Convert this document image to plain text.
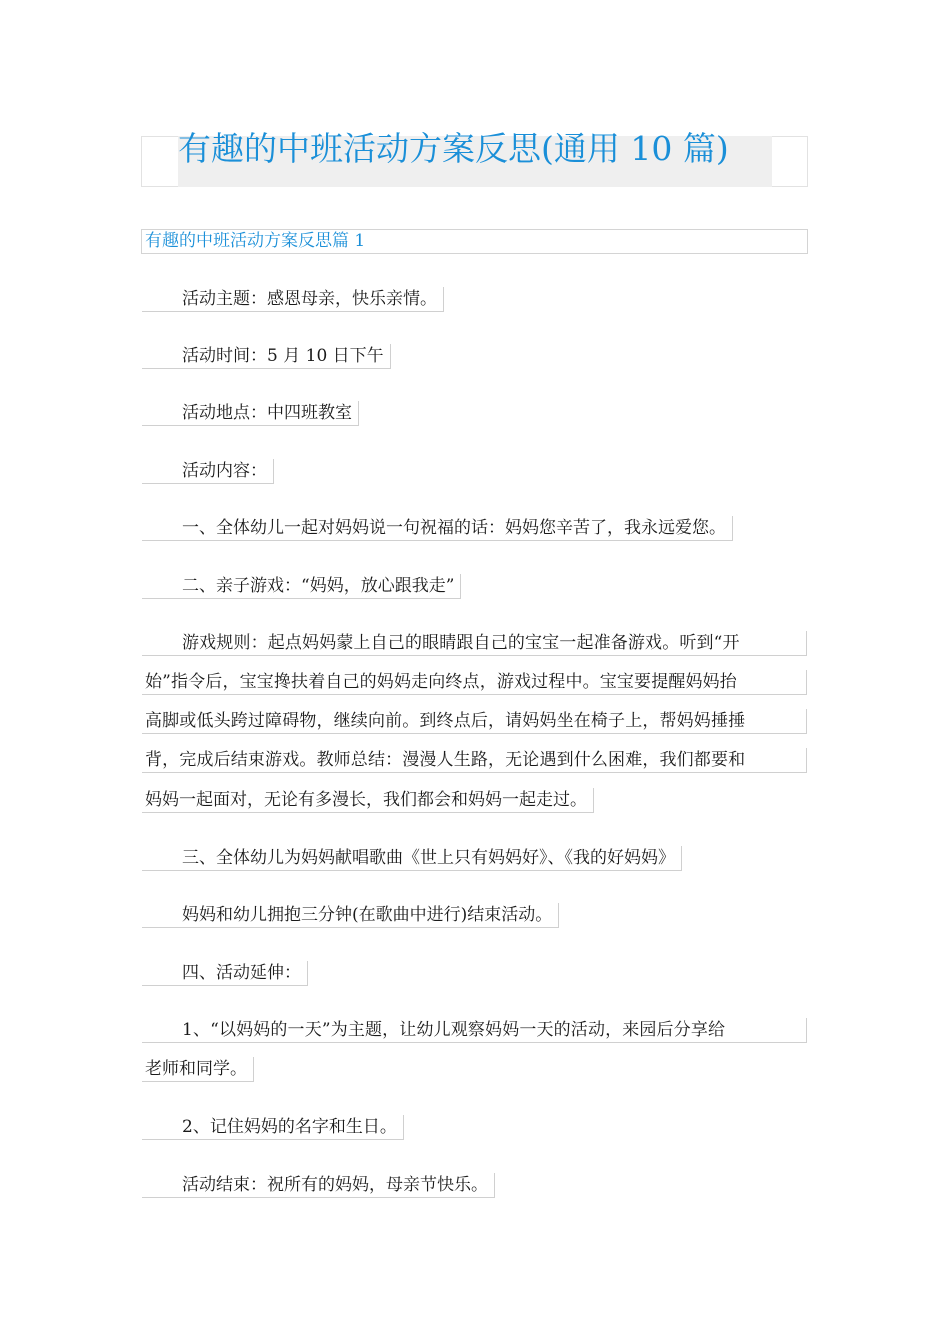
有趣的中班活动方案反思(通用 10 篇)
有趣的中班活动方案反思篇 1
活动主题：感恩母亲，快乐亲情。
活动时间：5 月 10 日下午
活动地点：中四班教室
活动内容：
一、全体幼儿一起对妈妈说一句祝福的话：妈妈您辛苦了，我永远爱您。
二、亲子游戏：“妈妈，放心跟我走”
游戏规则：起点妈妈蒙上自己的眼睛跟自己的宝宝一起准备游戏。听到“开
始”指令后，宝宝搀扶着自己的妈妈走向终点，游戏过程中。宝宝要提醒妈妈抬
高脚或低头跨过障碍物，继续向前。到终点后，请妈妈坐在椅子上，帮妈妈捶捶
背，完成后结束游戏。教师总结：漫漫人生路，无论遇到什么困难，我们都要和
妈妈一起面对，无论有多漫长，我们都会和妈妈一起走过。
三、全体幼儿为妈妈献唱歌曲《世上只有妈妈好》、《我的好妈妈》
妈妈和幼儿拥抱三分钟(在歌曲中进行)结束活动。
四、活动延伸：
1、“以妈妈的一天”为主题，让幼儿观察妈妈一天的活动，来园后分享给
老师和同学。
2、记住妈妈的名字和生日。
活动结束：祝所有的妈妈，母亲节快乐。
